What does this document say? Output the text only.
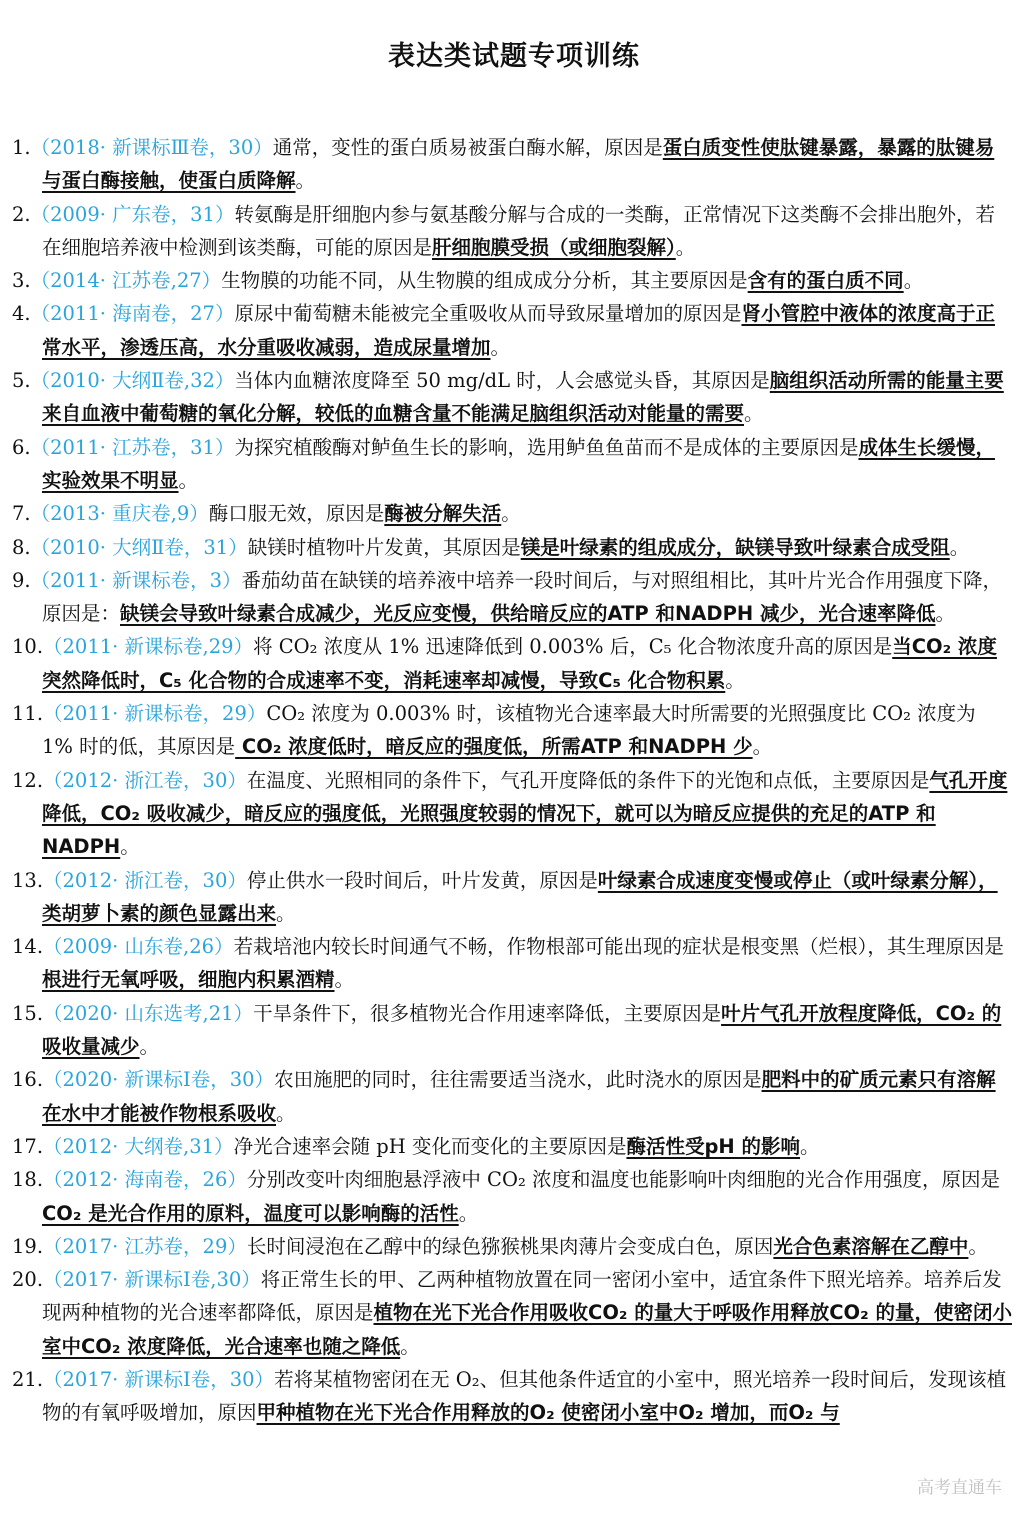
表达类试题专项训练

1.（2018· 新课标Ⅲ卷，30）通常，变性的蛋白质易被蛋白酶水解，原因是蛋白质变性使肽键暴露，暴露的肽键易与蛋白酶接触，使蛋白质降解。

2.（2009· 广东卷，31）转氨酶是肝细胞内参与氨基酸分解与合成的一类酶，正常情况下这类酶不会排出胞外，若在细胞培养液中检测到该类酶，可能的原因是肝细胞膜受损（或细胞裂解）。

3.（2014· 江苏卷,27）生物膜的功能不同，从生物膜的组成成分分析，其主要原因是含有的蛋白质不同。

4.（2011· 海南卷，27）原尿中葡萄糖未能被完全重吸收从而导致尿量增加的原因是肾小管腔中液体的浓度高于正常水平，渗透压高，水分重吸收减弱，造成尿量增加。

5.（2010· 大纲Ⅱ卷,32）当体内血糖浓度降至 50 mg/dL 时，人会感觉头昏，其原因是脑组织活动所需的能量主要来自血液中葡萄糖的氧化分解，较低的血糖含量不能满足脑组织活动对能量的需要。

6.（2011· 江苏卷，31）为探究植酸酶对鲈鱼生长的影响，选用鲈鱼鱼苗而不是成体的主要原因是成体生长缓慢，实验效果不明显。

7.（2013· 重庆卷,9）酶口服无效，原因是酶被分解失活。

8.（2010· 大纲Ⅱ卷，31）缺镁时植物叶片发黄，其原因是镁是叶绿素的组成成分，缺镁导致叶绿素合成受阻。

9.（2011· 新课标卷，3）番茄幼苗在缺镁的培养液中培养一段时间后，与对照组相比，其叶片光合作用强度下降，原因是：缺镁会导致叶绿素合成减少，光反应变慢，供给暗反应的ATP 和NADPH 减少，光合速率降低。

10.（2011· 新课标卷,29）将 CO₂ 浓度从 1% 迅速降低到 0.003% 后，C₅ 化合物浓度升高的原因是当CO₂ 浓度突然降低时，C₅ 化合物的合成速率不变，消耗速率却减慢，导致C₅ 化合物积累。

11.（2011· 新课标卷，29）CO₂ 浓度为 0.003% 时，该植物光合速率最大时所需要的光照强度比 CO₂ 浓度为 1% 时的低，其原因是 CO₂ 浓度低时，暗反应的强度低，所需ATP 和NADPH 少。

12.（2012· 浙江卷，30）在温度、光照相同的条件下，气孔开度降低的条件下的光饱和点低，主要原因是气孔开度降低，CO₂ 吸收减少，暗反应的强度低，光照强度较弱的情况下，就可以为暗反应提供的充足的ATP 和NADPH。

13.（2012· 浙江卷，30）停止供水一段时间后，叶片发黄，原因是叶绿素合成速度变慢或停止（或叶绿素分解），类胡萝卜素的颜色显露出来。

14.（2009· 山东卷,26）若栽培池内较长时间通气不畅，作物根部可能出现的症状是根变黑（烂根），其生理原因是根进行无氧呼吸，细胞内积累酒精。

15.（2020· 山东选考,21）干旱条件下，很多植物光合作用速率降低，主要原因是叶片气孔开放程度降低，CO₂ 的吸收量减少。

16.（2020· 新课标Ⅰ卷，30）农田施肥的同时，往往需要适当浇水，此时浇水的原因是肥料中的矿质元素只有溶解在水中才能被作物根系吸收。

17.（2012· 大纲卷,31）净光合速率会随 pH 变化而变化的主要原因是酶活性受pH 的影响。

18.（2012· 海南卷，26）分别改变叶肉细胞悬浮液中 CO₂ 浓度和温度也能影响叶肉细胞的光合作用强度，原因是 CO₂ 是光合作用的原料，温度可以影响酶的活性。

19.（2017· 江苏卷，29）长时间浸泡在乙醇中的绿色猕猴桃果肉薄片会变成白色，原因光合色素溶解在乙醇中。

20.（2017· 新课标Ⅰ卷,30）将正常生长的甲、乙两种植物放置在同一密闭小室中，适宜条件下照光培养。培养后发现两种植物的光合速率都降低，原因是植物在光下光合作用吸收CO₂ 的量大于呼吸作用释放CO₂ 的量，使密闭小室中CO₂ 浓度降低，光合速率也随之降低。

21.（2017· 新课标Ⅰ卷，30）若将某植物密闭在无 O₂、但其他条件适宜的小室中，照光培养一段时间后，发现该植物的有氧呼吸增加，原因甲种植物在光下光合作用释放的O₂ 使密闭小室中O₂ 增加，而O₂ 与

高考直通车
